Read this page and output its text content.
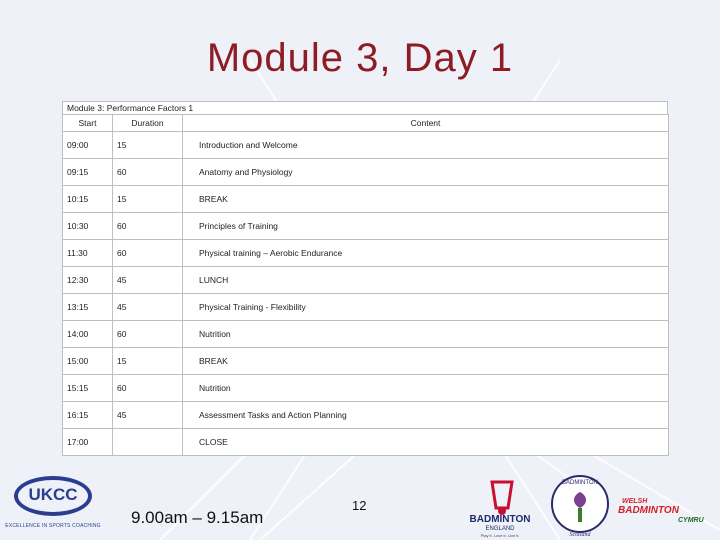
Module 3, Day 1
Module 3: Performance Factors 1
Start	Duration	Content
09:00	15	Introduction and Welcome
09:15	60	Anatomy and Physiology
10:15	15	BREAK
10:30	60	Principles of Training
11:30	60	Physical training – Aerobic Endurance
12:30	45	LUNCH
13:15	45	Physical Training - Flexibility
14:00	60	Nutrition
15:00	15	BREAK
15:15	60	Nutrition
16:15	45	Assessment Tasks and Action Planning
17:00		CLOSE
UKCC
EXCELLENCE IN SPORTS COACHING 9.00am – 9.15am
12
BADMINTON
ENGLAND
Play it. Love it. Live it.
BADMINTON
Scotland
WELSH
BADMINTON
CYMRU
